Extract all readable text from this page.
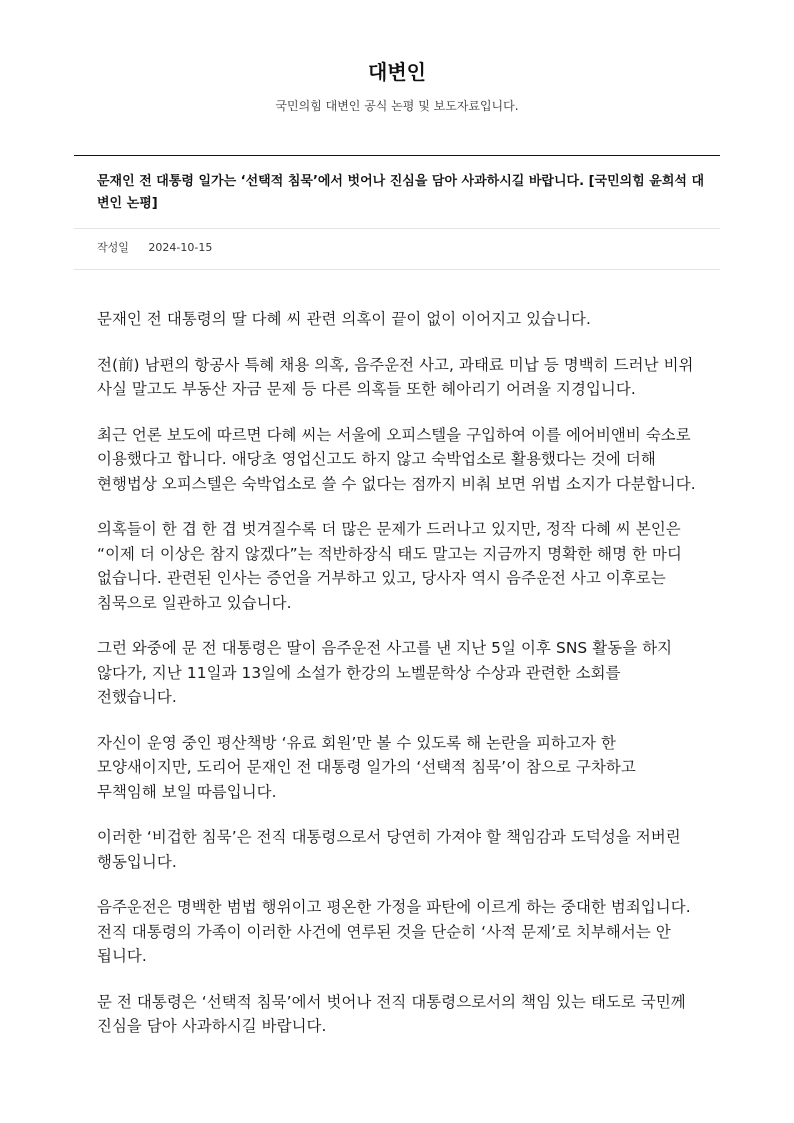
대변인
국민의힘 대변인 공식 논평 및 보도자료입니다.
문재인 전 대통령 일가는 ‘선택적 침묵’에서 벗어나 진심을 담아 사과하시길 바랍니다. [국민의힘 윤희석 대변인 논평]
작성일 2024-10-15

문재인 전 대통령의 딸 다혜 씨 관련 의혹이 끝이 없이 이어지고 있습니다.

전(前) 남편의 항공사 특혜 채용 의혹, 음주운전 사고, 과태료 미납 등 명백히 드러난 비위 사실 말고도 부동산 자금 문제 등 다른 의혹들 또한 헤아리기 어려울 지경입니다.

최근 언론 보도에 따르면 다혜 씨는 서울에 오피스텔을 구입하여 이를 에어비앤비 숙소로 이용했다고 합니다. 애당초 영업신고도 하지 않고 숙박업소로 활용했다는 것에 더해 현행법상 오피스텔은 숙박업소로 쓸 수 없다는 점까지 비춰 보면 위법 소지가 다분합니다.

의혹들이 한 겹 한 겹 벗겨질수록 더 많은 문제가 드러나고 있지만, 정작 다혜 씨 본인은 “이제 더 이상은 참지 않겠다”는 적반하장식 태도 말고는 지금까지 명확한 해명 한 마디 없습니다. 관련된 인사는 증언을 거부하고 있고, 당사자 역시 음주운전 사고 이후로는 침묵으로 일관하고 있습니다.

그런 와중에 문 전 대통령은 딸이 음주운전 사고를 낸 지난 5일 이후 SNS 활동을 하지 않다가, 지난 11일과 13일에 소설가 한강의 노벨문학상 수상과 관련한 소회를 전했습니다.

자신이 운영 중인 평산책방 ‘유료 회원’만 볼 수 있도록 해 논란을 피하고자 한 모양새이지만, 도리어 문재인 전 대통령 일가의 ‘선택적 침묵’이 참으로 구차하고 무책임해 보일 따름입니다.

이러한 ‘비겁한 침묵’은 전직 대통령으로서 당연히 가져야 할 책임감과 도덕성을 저버린 행동입니다.

음주운전은 명백한 범법 행위이고 평온한 가정을 파탄에 이르게 하는 중대한 범죄입니다. 전직 대통령의 가족이 이러한 사건에 연루된 것을 단순히 ‘사적 문제’로 치부해서는 안 됩니다.

문 전 대통령은 ‘선택적 침묵’에서 벗어나 전직 대통령으로서의 책임 있는 태도로 국민께 진심을 담아 사과하시길 바랍니다.
